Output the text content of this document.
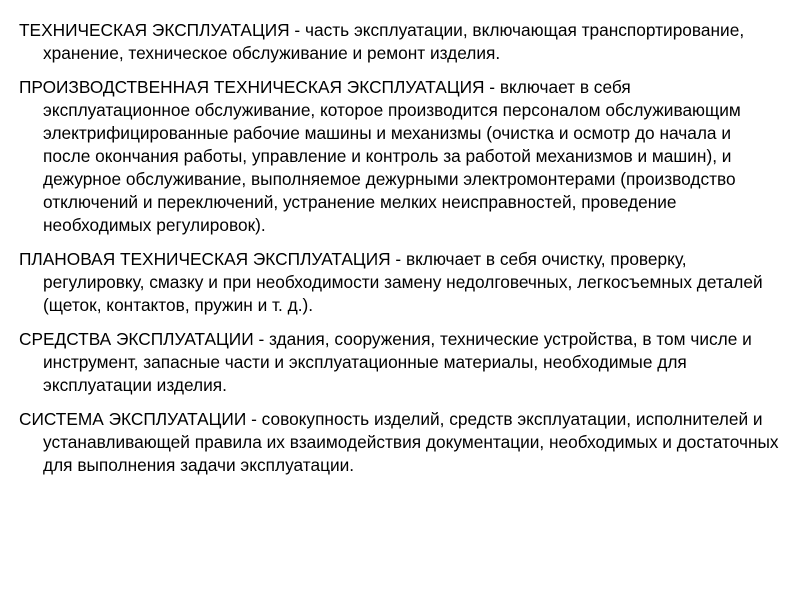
ТЕХНИЧЕСКАЯ ЭКСПЛУАТАЦИЯ - часть эксплуатации, включающая транспортирование, хранение, техническое обслуживание и ремонт изделия.

ПРОИЗВОДСТВЕННАЯ ТЕХНИЧЕСКАЯ ЭКСПЛУАТАЦИЯ - включает в себя эксплуатационное обслуживание, которое производится персоналом обслуживающим электрифицированные рабочие машины и механизмы (очистка и осмотр до начала и после окончания работы, управление и контроль за работой механизмов и машин), и дежурное обслуживание, выполняемое дежурными электромонтерами (производство отключений и переключений, устранение мелких неисправностей, проведение необходимых регулировок).

ПЛАНОВАЯ ТЕХНИЧЕСКАЯ ЭКСПЛУАТАЦИЯ - включает в себя очистку, проверку, регулировку, смазку и при необходимости замену недолговечных, легкосъемных деталей (щеток, контактов, пружин и т. д.).

СРЕДСТВА ЭКСПЛУАТАЦИИ - здания, сооружения, технические устройства, в том числе и инструмент, запасные части и эксплуатационные материалы, необходимые для эксплуатации изделия.

СИСТЕМА ЭКСПЛУАТАЦИИ - совокупность изделий, средств эксплуатации, исполнителей и устанавливающей правила их взаимодействия документации, необходимых и достаточных для выполнения задачи эксплуатации.
